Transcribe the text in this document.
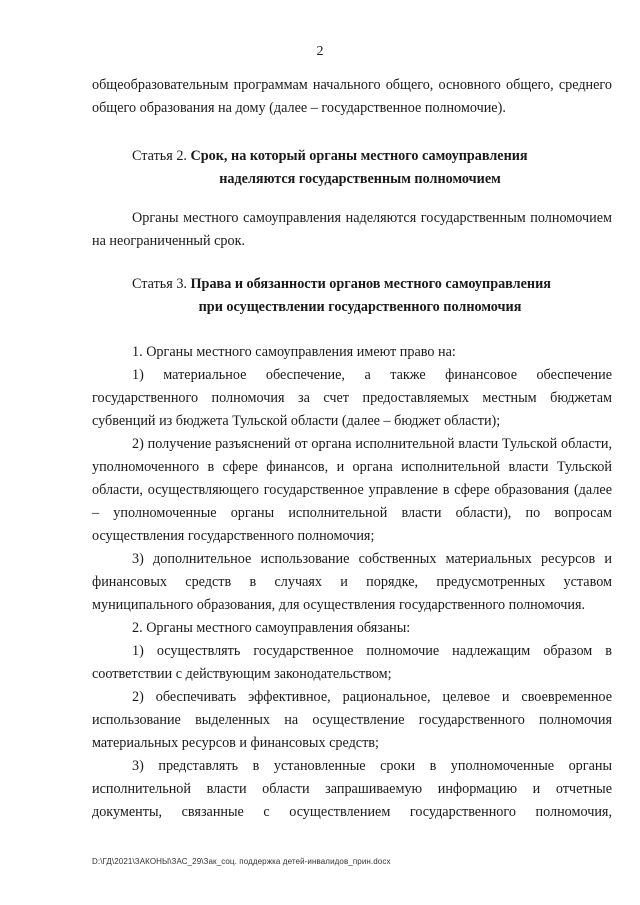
2

общеобразовательным программам начального общего, основного общего, среднего общего образования на дому (далее – государственное полномочие).

Статья 2. Срок, на который органы местного самоуправления
наделяются государственным полномочием

Органы местного самоуправления наделяются государственным полномочием на неограниченный срок.

Статья 3. Права и обязанности органов местного самоуправления
при осуществлении государственного полномочия

1. Органы местного самоуправления имеют право на:

1) материальное обеспечение, а также финансовое обеспечение государственного полномочия за счет предоставляемых местным бюджетам субвенций из бюджета Тульской области (далее – бюджет области);

2) получение разъяснений от органа исполнительной власти Тульской области, уполномоченного в сфере финансов, и органа исполнительной власти Тульской области, осуществляющего государственное управление в сфере образования (далее – уполномоченные органы исполнительной власти области), по вопросам осуществления государственного полномочия;

3) дополнительное использование собственных материальных ресурсов и финансовых средств в случаях и порядке, предусмотренных уставом муниципального образования, для осуществления государственного полномочия.

2. Органы местного самоуправления обязаны:

1) осуществлять государственное полномочие надлежащим образом в соответствии с действующим законодательством;

2) обеспечивать эффективное, рациональное, целевое и своевременное использование выделенных на осуществление государственного полномочия материальных ресурсов и финансовых средств;

3) представлять в установленные сроки в уполномоченные органы исполнительной власти области запрашиваемую информацию и отчетные документы, связанные с осуществлением государственного полномочия,

D:\ГД\2021\ЗАКОНЫ\ЗАС_29\Зак_соц. поддержка детей-инвалидов_прин.docx
